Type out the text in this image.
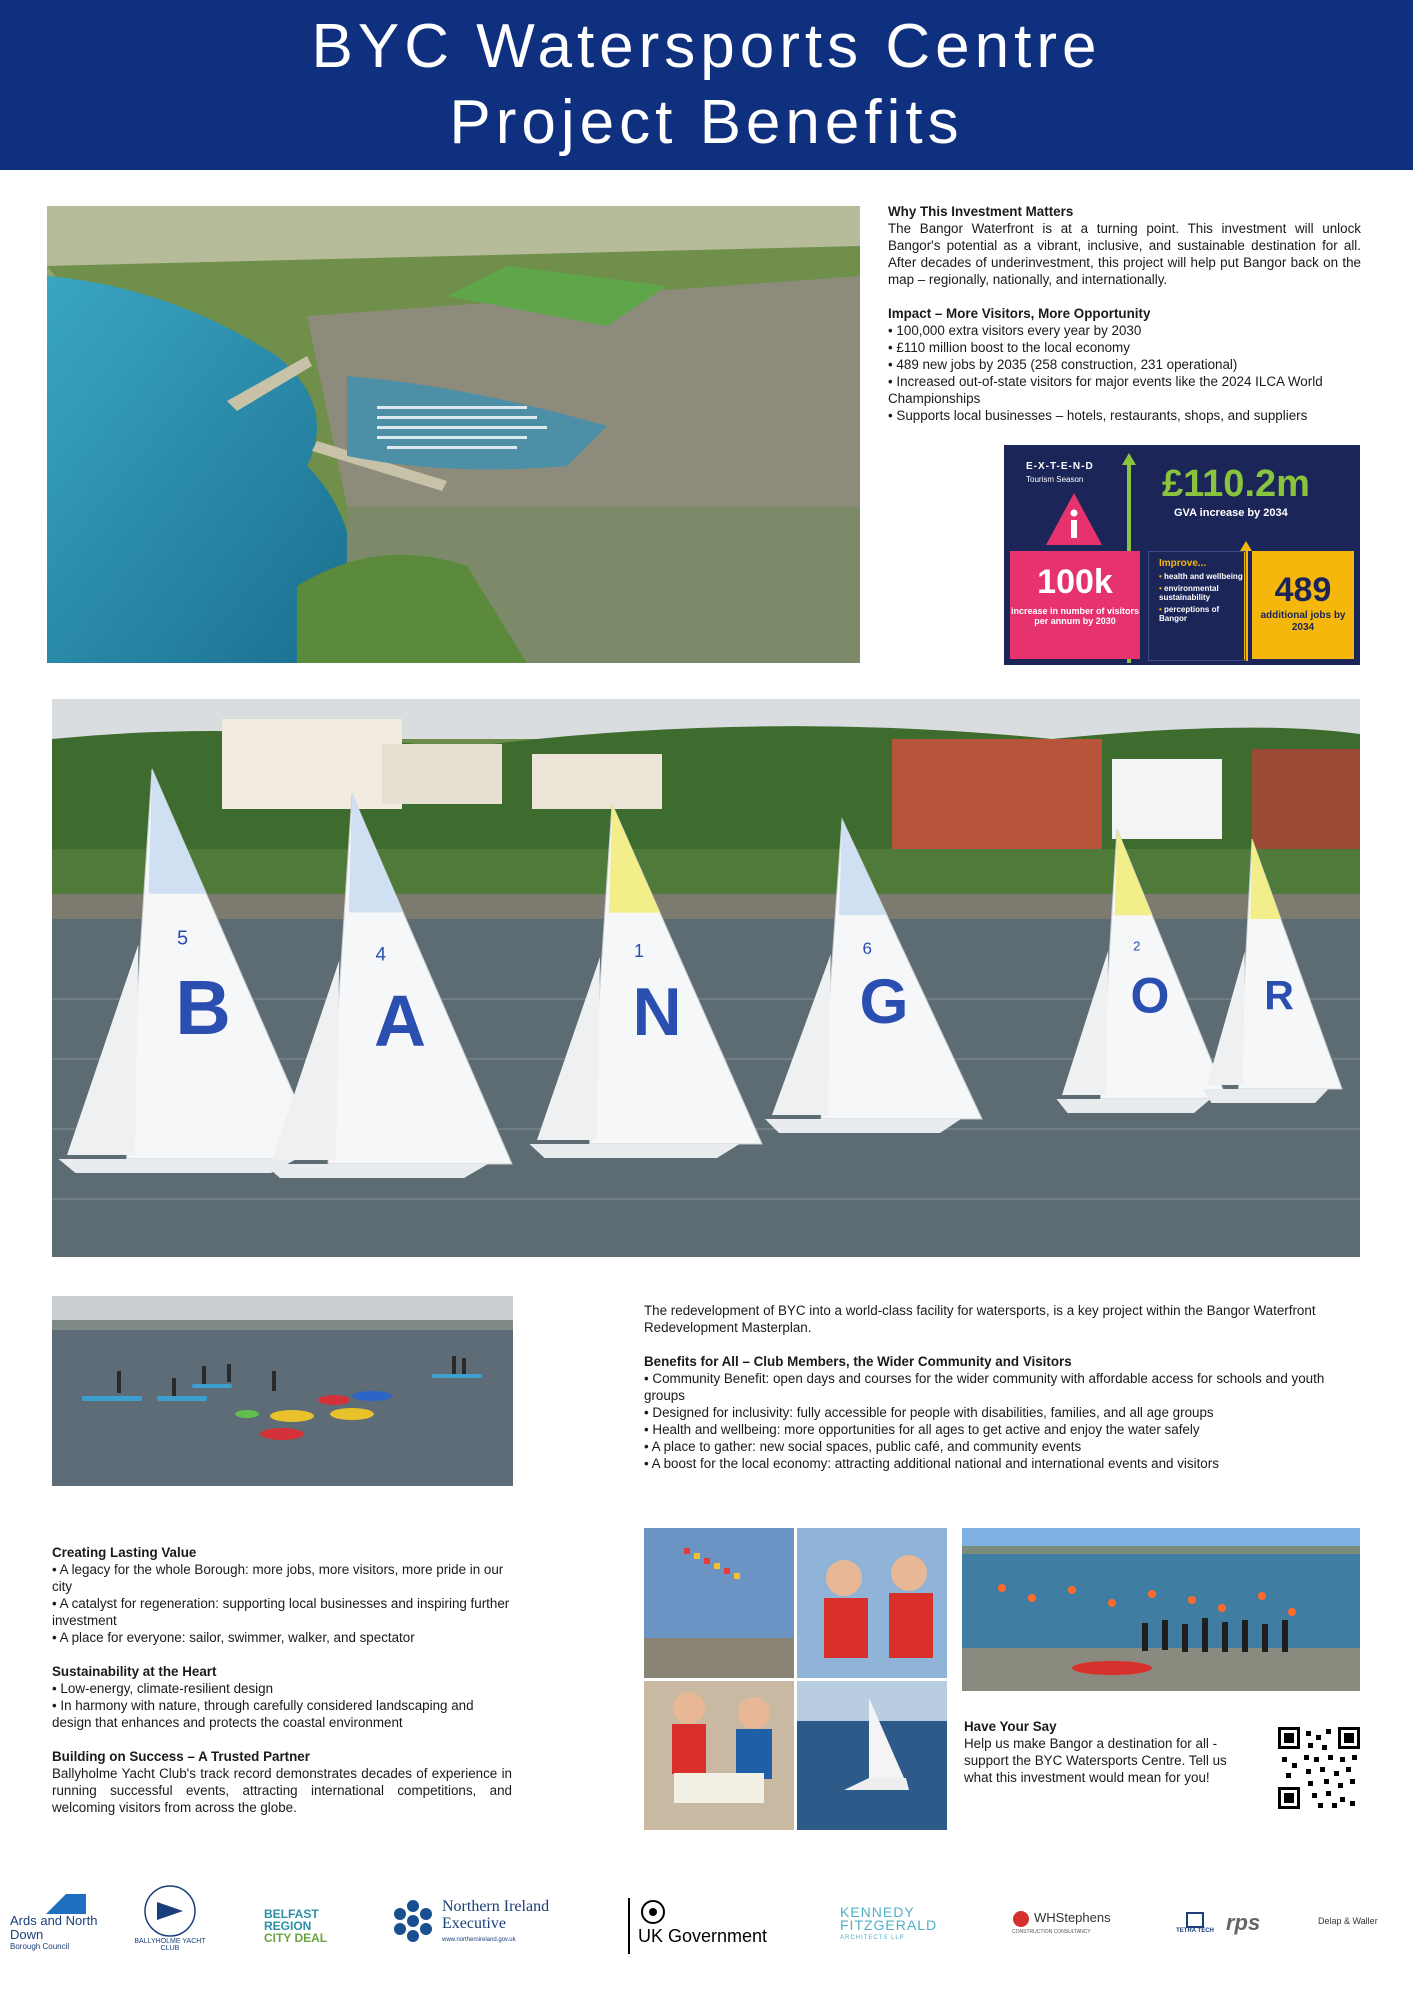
BYC Watersports Centre
Project Benefits
Why This Investment Matters

The Bangor Waterfront is at a turning point. This investment will unlock Bangor's potential as a vibrant, inclusive, and sustainable destination for all. After decades of underinvestment, this project will help put Bangor back on the map – regionally, nationally, and internationally.

Impact – More Visitors, More Opportunity
• 100,000 extra visitors every year by 2030
• £110 million boost to the local economy
• 489 new jobs by 2035 (258 construction, 231 operational)
• Increased out-of-state visitors for major events like the 2024 ILCA World Championships
• Supports local businesses – hotels, restaurants, shops, and suppliers
E-X-T-E-N-D
Tourism Season £110.2m
GVA increase by 2034
100k
increase in number of visitors per annum by 2030
Improve...
• health and wellbeing
• environmental sustainability
• perceptions of Bangor
489
additional jobs by 2034
B
5
A
4
N
1
G
6
O
2
R

The redevelopment of BYC into a world-class facility for watersports, is a key project within the Bangor Waterfront Redevelopment Masterplan.

Benefits for All – Club Members, the Wider Community and Visitors
• Community Benefit: open days and courses for the wider community with affordable access for schools and youth groups
• Designed for inclusivity: fully accessible for people with disabilities, families, and all age groups
• Health and wellbeing: more opportunities for all ages to get active and enjoy the water safely
• A place to gather: new social spaces, public café, and community events
• A boost for the local economy: attracting additional national and international events and visitors
Creating Lasting Value
• A legacy for the whole Borough: more jobs, more visitors, more pride in our city
• A catalyst for regeneration: supporting local businesses and inspiring further investment
• A place for everyone: sailor, swimmer, walker, and spectator
Sustainability at the Heart
• Low-energy, climate-resilient design
• In harmony with nature, through carefully considered landscaping and design that enhances and protects the coastal environment
Building on Success – A Trusted Partner

Ballyholme Yacht Club's track record demonstrates decades of experience in running successful events, attracting international competitions, and welcoming visitors from across the globe.

Have Your Say

Help us make Bangor a destination for all - support the BYC Watersports Centre. Tell us what this investment would mean for you!

Ards and North Down
Borough Council
BALLYHOLME YACHT CLUB
BELFAST
REGION
CITY DEAL
Northern Ireland
Executive
www.northernireland.gov.uk	UK Government
KENNEDY
FITZGERALD
ARCHITECTS LLP
WHStephens
CONSTRUCTION CONSULTANCY	TETRA TECH rps	Delap & Waller
